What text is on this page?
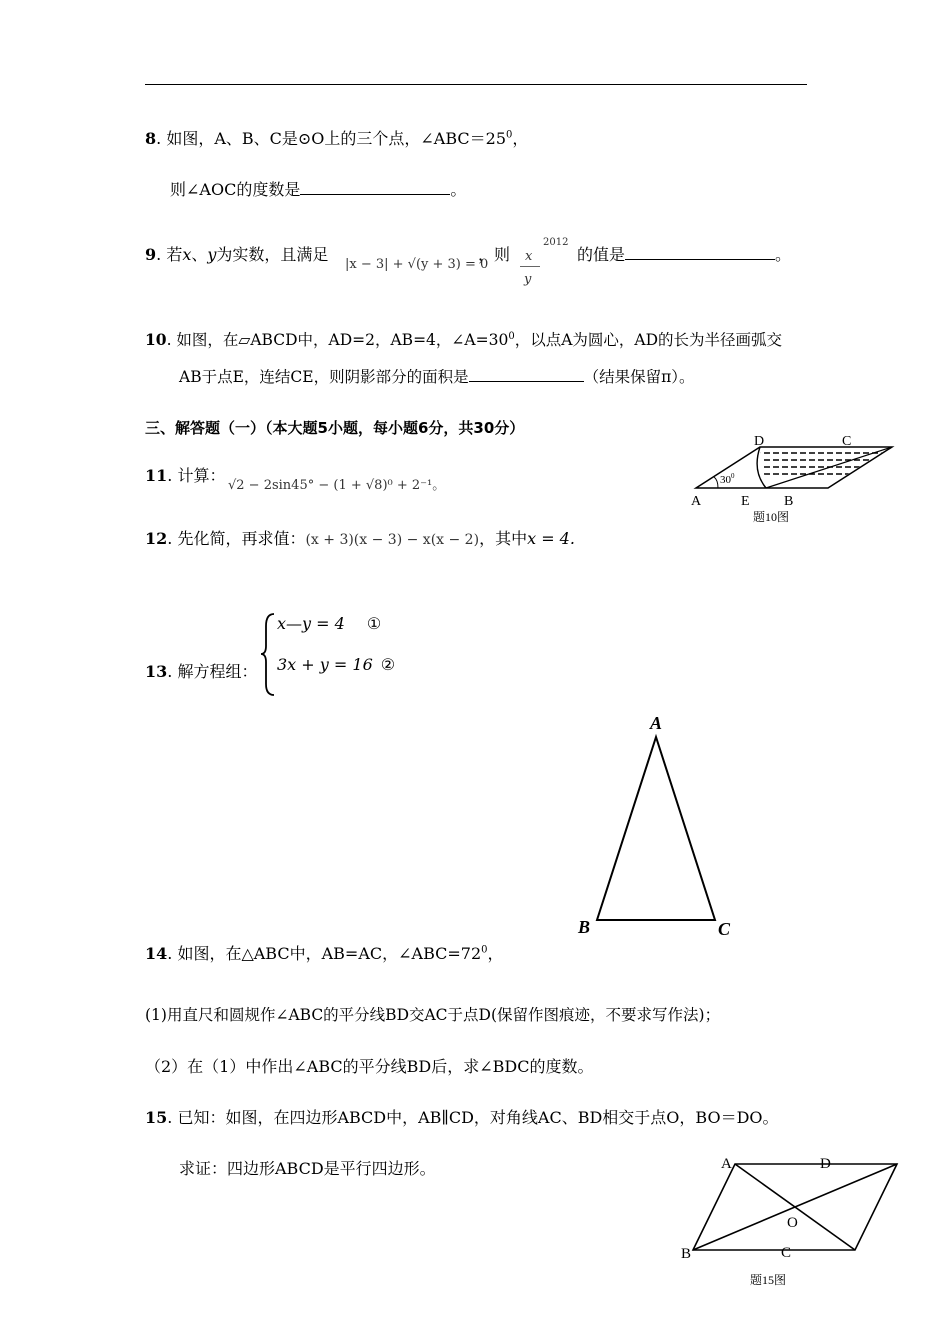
8. 如图，A、B、C是⊙O上的三个点，$\angle ABC=25^0$，
则∠AOC的度数是	。
9. 若x、y为实数，且满足
|x − 3| + √(y + 3) = 0
，则 x
y
2012
的值是	。
10. 如图，在▱ABCD中，AD=2，AB=4，$\angle A=30^0$，以点A为圆心，AD的长为半径画弧交
AB于点E，连结CE，则阴影部分的面积是	（结果保留π）。
三、解答题（一）（本大题5小题，每小题6分，共30分）
$30^0$
D	C
A	E B
题10图
11. 计算：
√2 − 2sin45° − (1 + √8)⁰ + 2⁻¹。
12. 先化简，再求值：(x + 3)(x − 3) − x(x − 2)，其中x = 4.
13. 解方程组：
x—y = 4 ①
3x + y = 16 ②
A
B	C
14. 如图，在△ABC中，AB=AC，$\angle ABC=72^0$，
(1)用直尺和圆规作∠ABC的平分线BD交AC于点D(保留作图痕迹，不要求写作法)；
（2）在（1）中作出∠ABC的平分线BD后，求∠BDC的度数。
15. 已知：如图，在四边形ABCD中，AB∥CD，对角线AC、BD相交于点O，BO＝DO。
求证：四边形ABCD是平行四边形。	A	D
O
B	C
题15图
